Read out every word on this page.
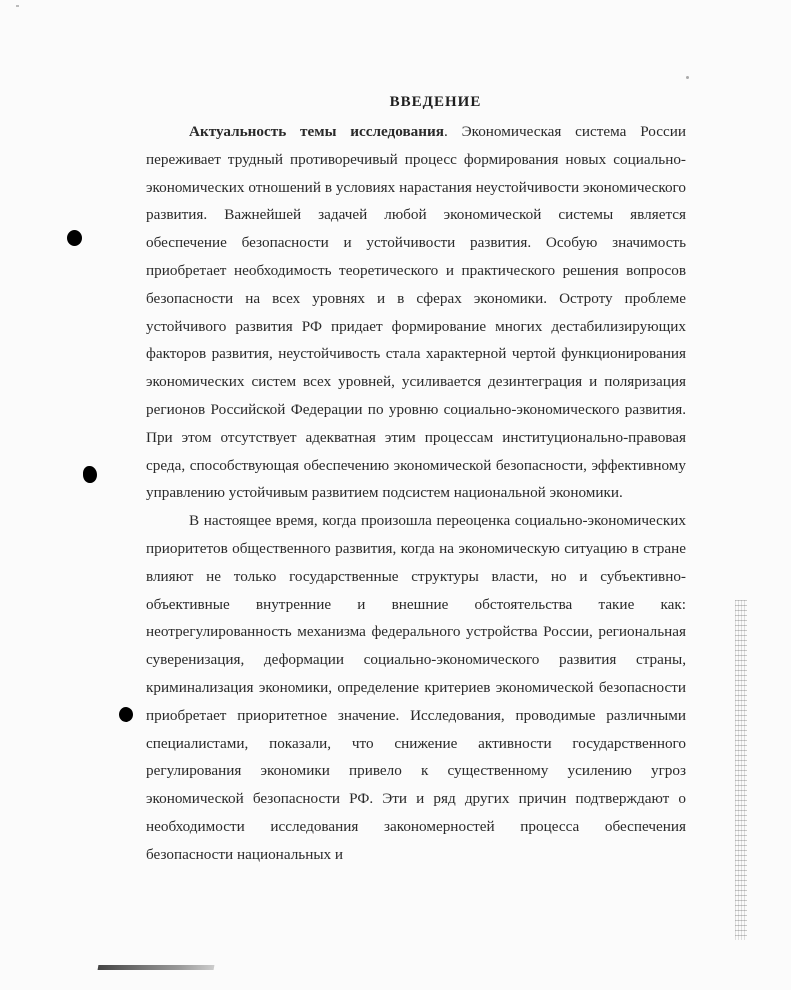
ВВЕДЕНИЕ

Актуальность темы исследования. Экономическая система России переживает трудный противоречивый процесс формирования новых социально-экономических отношений в условиях нарастания неустойчивости экономического развития. Важнейшей задачей любой экономической системы является обеспечение безопасности и устойчивости развития. Особую значимость приобретает необходимость теоретического и практического решения вопросов безопасности на всех уровнях и в сферах экономики. Остроту проблеме устойчивого развития РФ придает формирование многих дестабилизирующих факторов развития, неустойчивость стала характерной чертой функционирования экономических систем всех уровней, усиливается дезинтеграция и поляризация регионов Российской Федерации по уровню социально-экономического развития. При этом отсутствует адекватная этим процессам институционально-правовая среда, способствующая обеспечению экономической безопасности, эффективному управлению устойчивым развитием подсистем национальной экономики.

В настоящее время, когда произошла переоценка социально-экономических приоритетов общественного развития, когда на экономическую ситуацию в стране влияют не только государственные структуры власти, но и субъективно-объективные внутренние и внешние обстоятельства такие как: неотрегулированность механизма федерального устройства России, региональная суверенизация, деформации социально-экономического развития страны, криминализация экономики, определение критериев экономической безопасности приобретает приоритетное значение. Исследования, проводимые различными специалистами, показали, что снижение активности государственного регулирования экономики привело к существенному усилению угроз экономической безопасности РФ. Эти и ряд других причин подтверждают о необходимости исследования закономерностей процесса обеспечения безопасности национальных и
